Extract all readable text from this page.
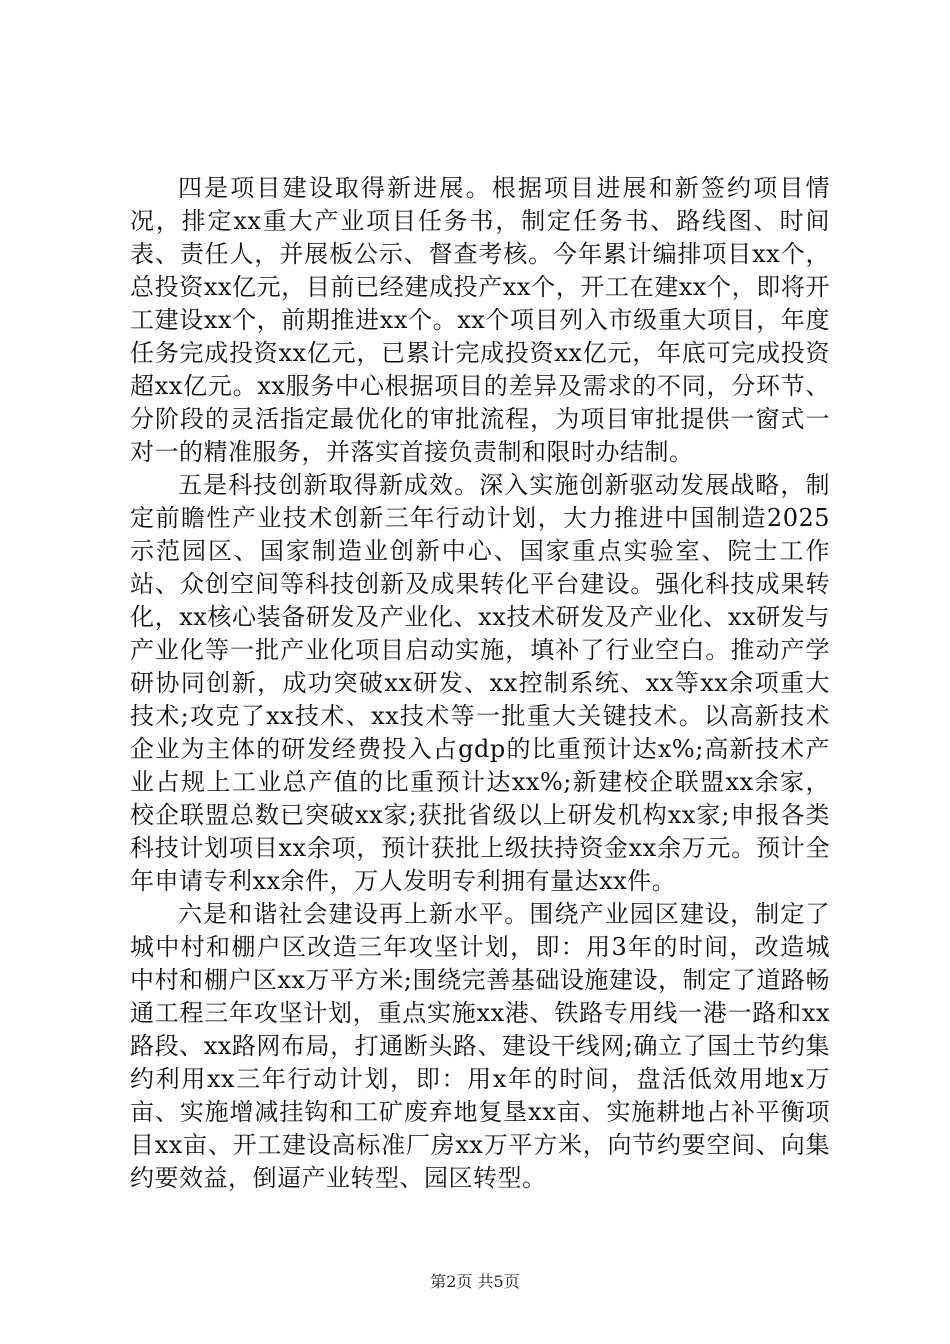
四是项目建设取得新进展。根据项目进展和新签约项目情况，排定xx重大产业项目任务书，制定任务书、路线图、时间表、责任人，并展板公示、督查考核。今年累计编排项目xx个，总投资xx亿元，目前已经建成投产xx个，开工在建xx个，即将开工建设xx个，前期推进xx个。xx个项目列入市级重大项目，年度任务完成投资xx亿元，已累计完成投资xx亿元，年底可完成投资超xx亿元。xx服务中心根据项目的差异及需求的不同，分环节、分阶段的灵活指定最优化的审批流程，为项目审批提供一窗式一对一的精准服务，并落实首接负责制和限时办结制。

五是科技创新取得新成效。深入实施创新驱动发展战略，制定前瞻性产业技术创新三年行动计划，大力推进中国制造2025示范园区、国家制造业创新中心、国家重点实验室、院士工作站、众创空间等科技创新及成果转化平台建设。强化科技成果转化，xx核心装备研发及产业化、xx技术研发及产业化、xx研发与产业化等一批产业化项目启动实施，填补了行业空白。推动产学研协同创新，成功突破xx研发、xx控制系统、xx等xx余项重大技术;攻克了xx技术、xx技术等一批重大关键技术。以高新技术企业为主体的研发经费投入占gdp的比重预计达x%;高新技术产业占规上工业总产值的比重预计达xx%;新建校企联盟xx余家，校企联盟总数已突破xx家;获批省级以上研发机构xx家;申报各类科技计划项目xx余项，预计获批上级扶持资金xx余万元。预计全年申请专利xx余件，万人发明专利拥有量达xx件。

六是和谐社会建设再上新水平。围绕产业园区建设，制定了城中村和棚户区改造三年攻坚计划，即：用3年的时间，改造城中村和棚户区xx万平方米;围绕完善基础设施建设，制定了道路畅通工程三年攻坚计划，重点实施xx港、铁路专用线一港一路和xx路段、xx路网布局，打通断头路、建设干线网;确立了国土节约集约利用xx三年行动计划，即：用x年的时间，盘活低效用地x万亩、实施增减挂钩和工矿废弃地复垦xx亩、实施耕地占补平衡项目xx亩、开工建设高标准厂房xx万平方米，向节约要空间、向集约要效益，倒逼产业转型、园区转型。

第2页 共5页
